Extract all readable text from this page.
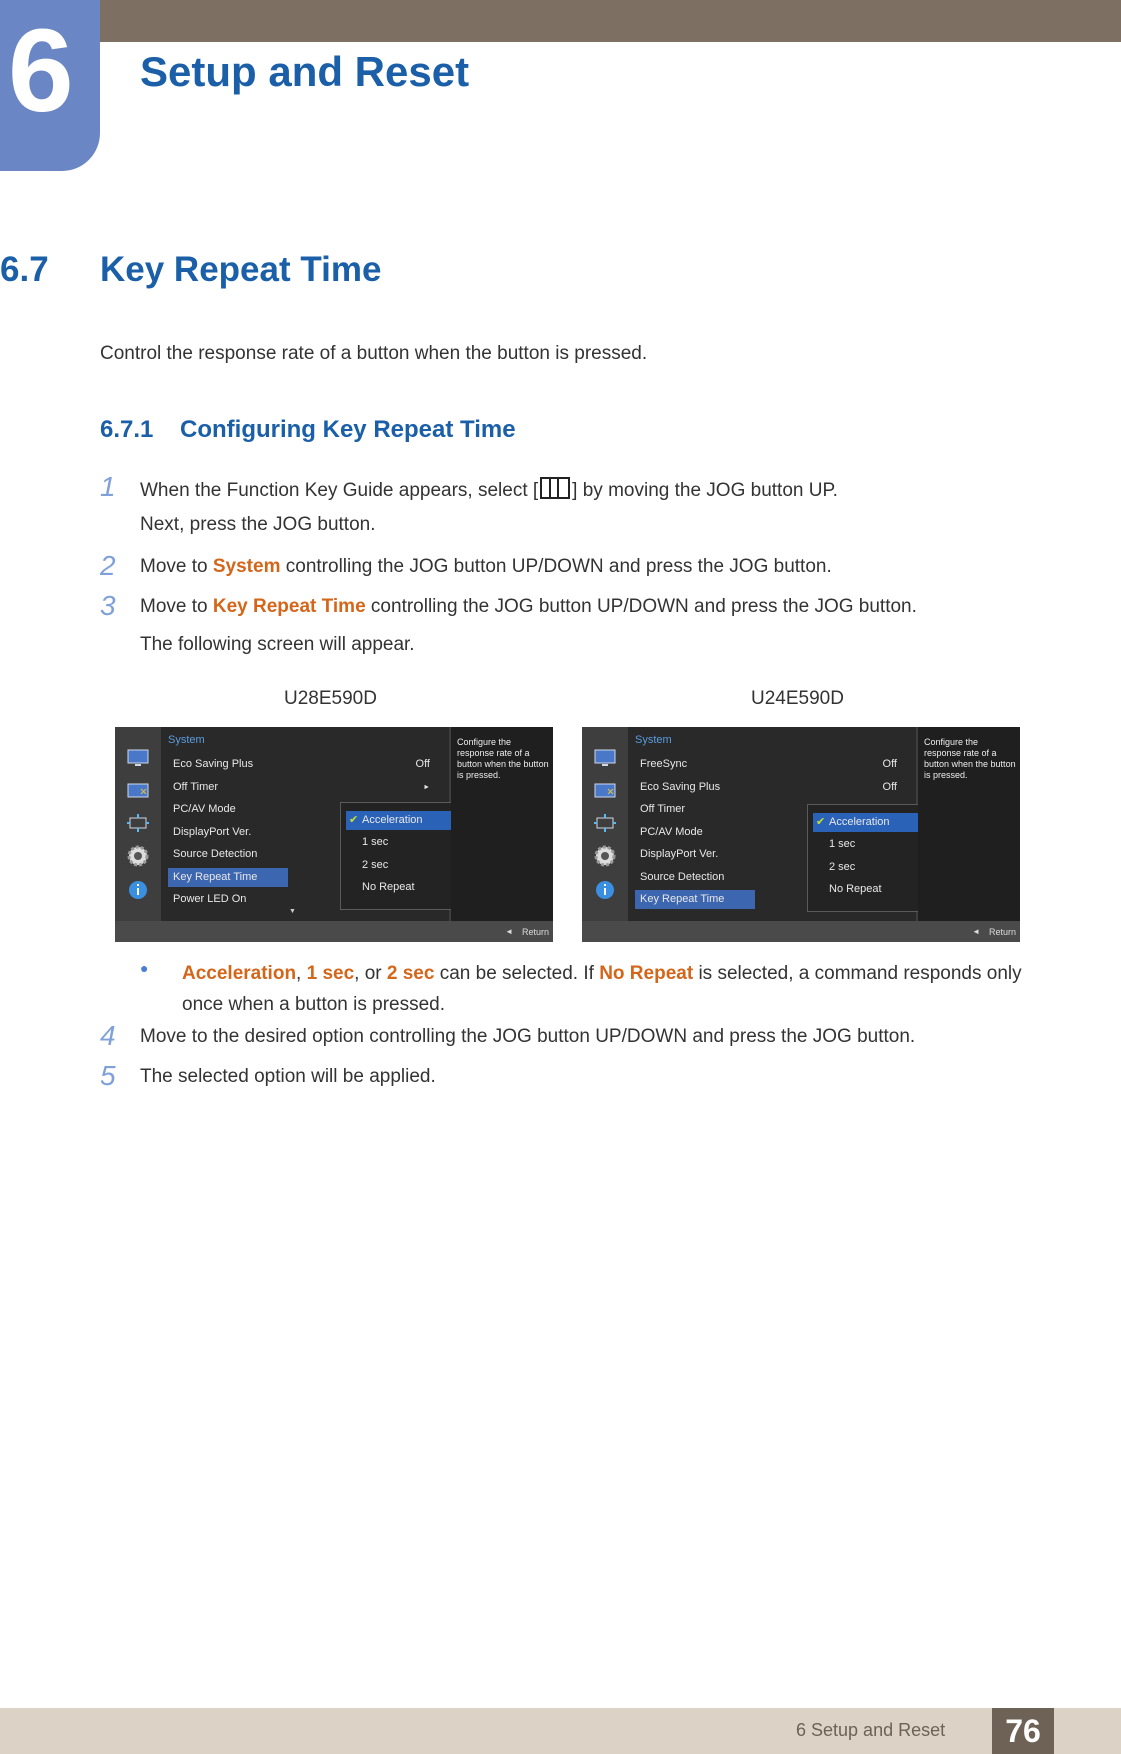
6 Setup and Reset
6.7 Key Repeat Time
Control the response rate of a button when the button is pressed.
6.7.1 Configuring Key Repeat Time
1 When the Function Key Guide appears, select [ ] by moving the JOG button UP.
Next, press the JOG button.
2 Move to System controlling the JOG button UP/DOWN and press the JOG button.
3 Move to Key Repeat Time controlling the JOG button UP/DOWN and press the JOG button.
The following screen will appear.
U28E590D	U24E590D
System
Eco Saving Plus	Off
Off Timer	►
PC/AV Mode
DisplayPort Ver.
Source Detection
Key Repeat Time
Power LED On
▼
✔ Acceleration
1 sec
2 sec
No Repeat
Configure the response rate of a button when the button is pressed.
◄ Return
System
FreeSync	Off
Eco Saving Plus	Off
Off Timer
PC/AV Mode
DisplayPort Ver.
Source Detection
Key Repeat Time
✔ Acceleration
1 sec
2 sec
No Repeat
Configure the response rate of a button when the button is pressed.
◄ Return
● Acceleration, 1 sec, or 2 sec can be selected. If No Repeat is selected, a command responds only once when a button is pressed.
4 Move to the desired option controlling the JOG button UP/DOWN and press the JOG button.
5 The selected option will be applied.
6 Setup and Reset	76
